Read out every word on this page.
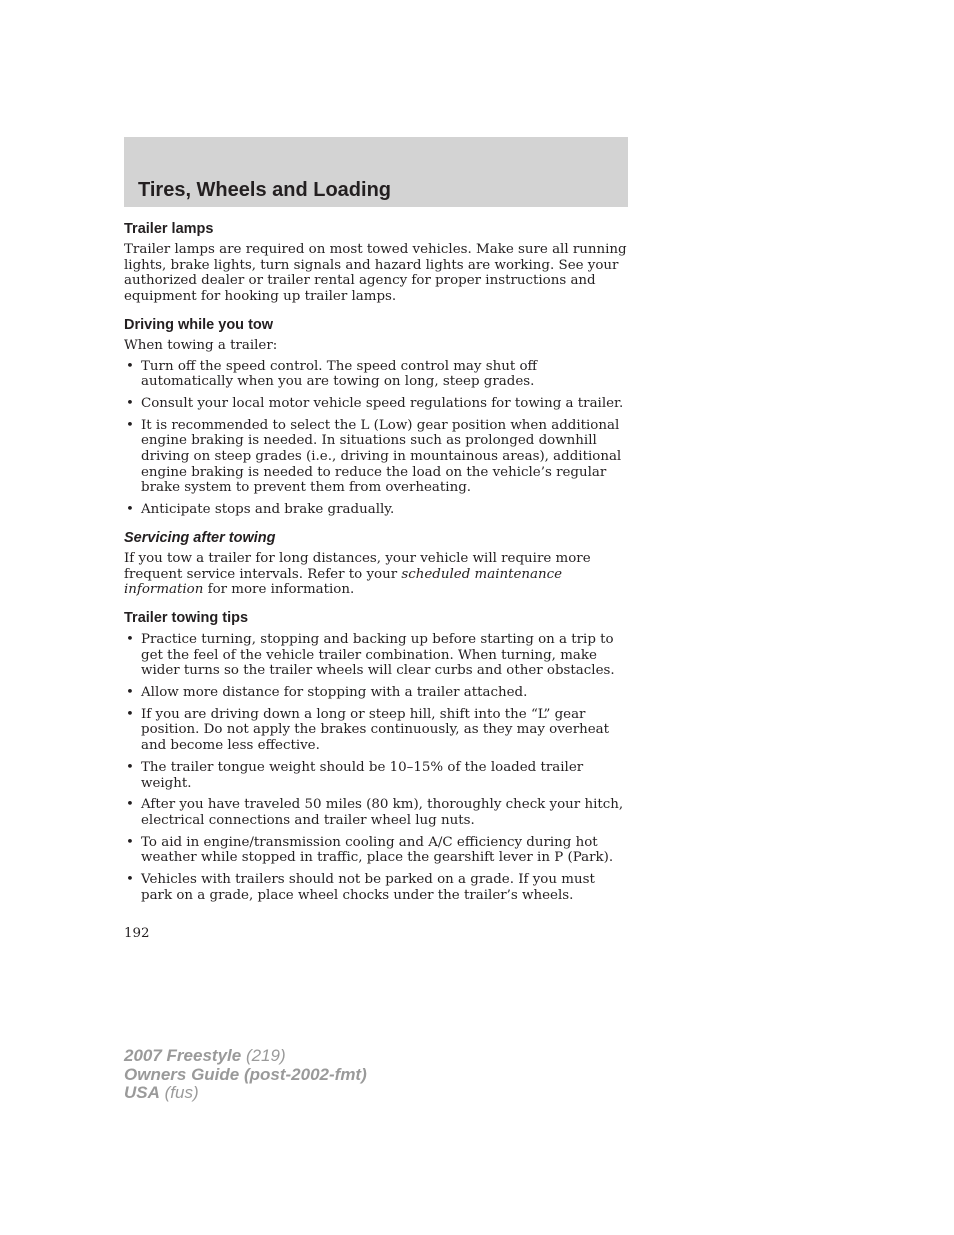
Tires, Wheels and Loading
Trailer lamps

Trailer lamps are required on most towed vehicles. Make sure all running lights, brake lights, turn signals and hazard lights are working. See your authorized dealer or trailer rental agency for proper instructions and equipment for hooking up trailer lamps.

Driving while you tow

When towing a trailer:

• Turn off the speed control. The speed control may shut off automatically when you are towing on long, steep grades.
• Consult your local motor vehicle speed regulations for towing a trailer.
• It is recommended to select the L (Low) gear position when additional engine braking is needed. In situations such as prolonged downhill driving on steep grades (i.e., driving in mountainous areas), additional engine braking is needed to reduce the load on the vehicle’s regular brake system to prevent them from overheating.
• Anticipate stops and brake gradually.
Servicing after towing

If you tow a trailer for long distances, your vehicle will require more frequent service intervals. Refer to your scheduled maintenance information for more information.

Trailer towing tips
• Practice turning, stopping and backing up before starting on a trip to get the feel of the vehicle trailer combination. When turning, make wider turns so the trailer wheels will clear curbs and other obstacles.
• Allow more distance for stopping with a trailer attached.
• If you are driving down a long or steep hill, shift into the “L” gear position. Do not apply the brakes continuously, as they may overheat and become less effective.
• The trailer tongue weight should be 10–15% of the loaded trailer weight.
• After you have traveled 50 miles (80 km), thoroughly check your hitch, electrical connections and trailer wheel lug nuts.
• To aid in engine/transmission cooling and A/C efficiency during hot weather while stopped in traffic, place the gearshift lever in P (Park).
• Vehicles with trailers should not be parked on a grade. If you must park on a grade, place wheel chocks under the trailer’s wheels.
192
2007 Freestyle (219)
Owners Guide (post-2002-fmt)
USA (fus)
